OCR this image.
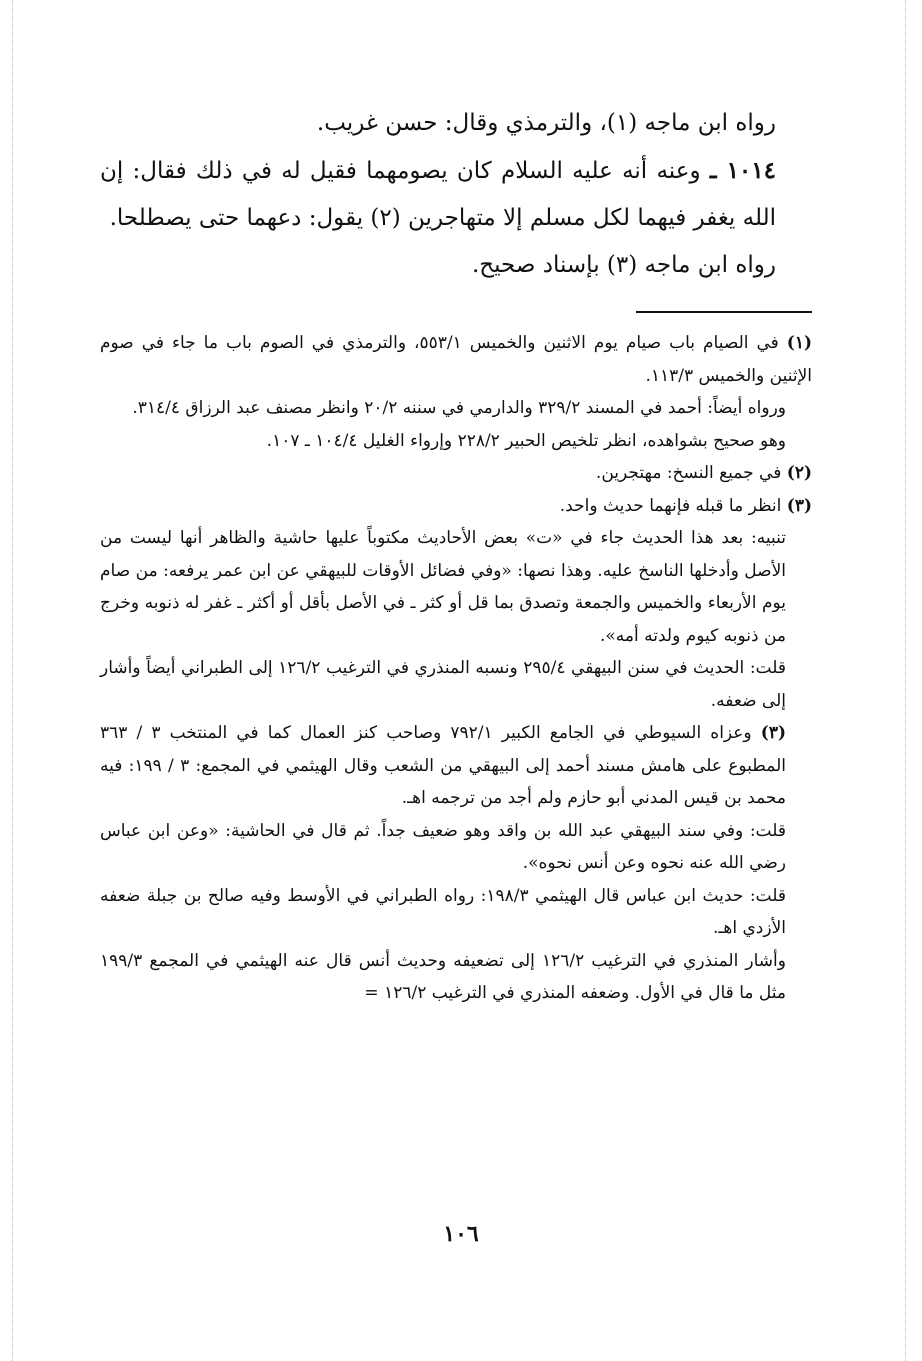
رواه ابن ماجه (١)، والترمذي وقال: حسن غريب.

١٠١٤ ـ وعنه أنه عليه السلام كان يصومهما فقيل له في ذلك فقال: إن الله يغفر فيهما لكل مسلم إلا متهاجرين (٢) يقول: دعهما حتى يصطلحا.

رواه ابن ماجه (٣) بإسناد صحيح.

(١) في الصيام باب صيام يوم الاثنين والخميس ٥٥٣/١، والترمذي في الصوم باب ما جاء في صوم الإثنين والخميس ١١٣/٣.

ورواه أيضاً: أحمد في المسند ٣٢٩/٢ والدارمي في سننه ٢٠/٢ وانظر مصنف عبد الرزاق ٣١٤/٤.

وهو صحيح بشواهده، انظر تلخيص الحبير ٢٢٨/٢ وإرواء الغليل ١٠٤/٤ ـ ١٠٧.

(٢) في جميع النسخ: مهتجرين.

(٣) انظر ما قبله فإنهما حديث واحد.

تنبيه: بعد هذا الحديث جاء في «ت» بعض الأحاديث مكتوباً عليها حاشية والظاهر أنها ليست من الأصل وأدخلها الناسخ عليه. وهذا نصها: «وفي فضائل الأوقات للبيهقي عن ابن عمر يرفعه: من صام يوم الأربعاء والخميس والجمعة وتصدق بما قل أو كثر ـ في الأصل بأقل أو أكثر ـ غفر له ذنوبه وخرج من ذنوبه كيوم ولدته أمه».

قلت: الحديث في سنن البيهقي ٢٩٥/٤ ونسبه المنذري في الترغيب ١٢٦/٢ إلى الطبراني أيضاً وأشار إلى ضعفه.

(٣) وعزاه السيوطي في الجامع الكبير ٧٩٢/١ وصاحب كنز العمال كما في المنتخب ٣ / ٣٦٣ المطبوع على هامش مسند أحمد إلى البيهقي من الشعب وقال الهيثمي في المجمع: ٣ / ١٩٩: فيه محمد بن قيس المدني أبو حازم ولم أجد من ترجمه اهـ.

قلت: وفي سند البيهقي عبد الله بن واقد وهو ضعيف جداً. ثم قال في الحاشية: «وعن ابن عباس رضي الله عنه نحوه وعن أنس نحوه».

قلت: حديث ابن عباس قال الهيثمي ١٩٨/٣: رواه الطبراني في الأوسط وفيه صالح بن جبلة ضعفه الأزدي اهـ.

وأشار المنذري في الترغيب ١٢٦/٢ إلى تضعيفه وحديث أنس قال عنه الهيثمي في المجمع ١٩٩/٣ مثل ما قال في الأول. وضعفه المنذري في الترغيب ١٢٦/٢ =

١٠٦
